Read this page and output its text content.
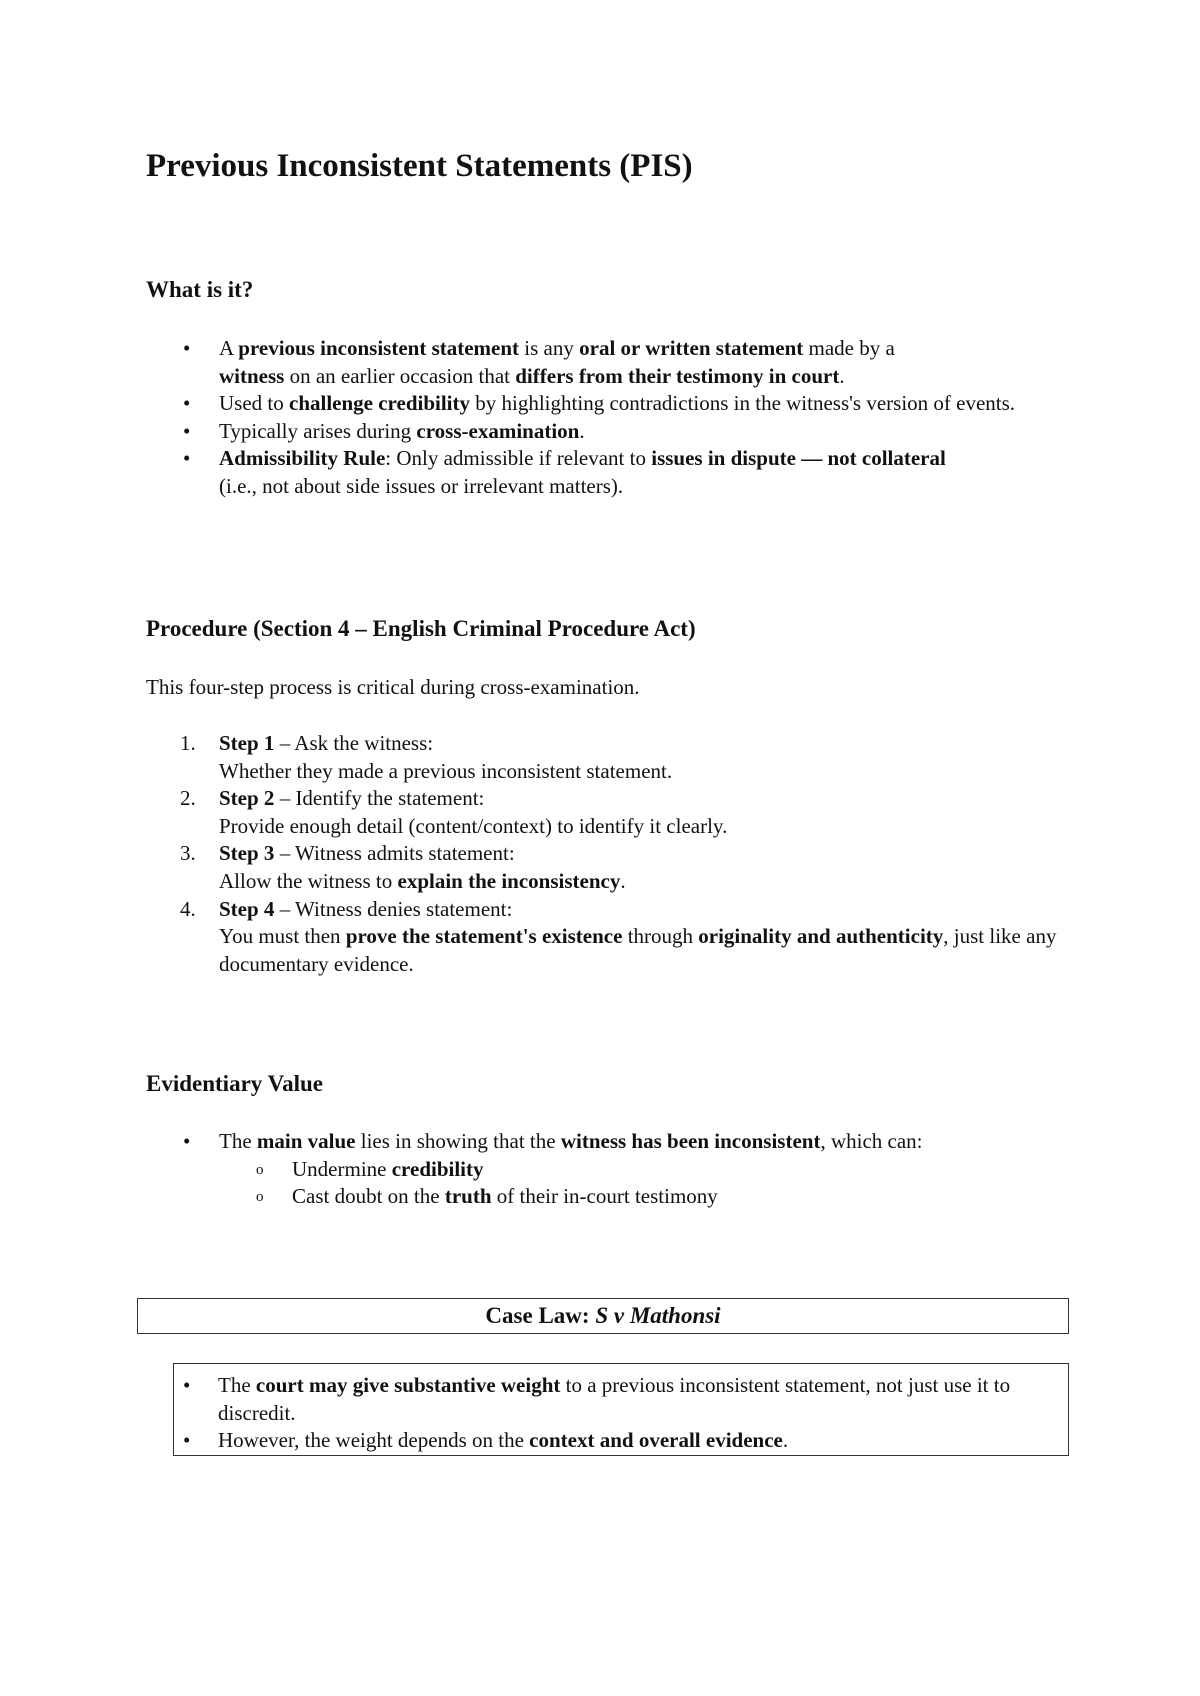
Previous Inconsistent Statements (PIS)
What is it?
• A previous inconsistent statement is any oral or written statement made by a
witness on an earlier occasion that differs from their testimony in court.
• Used to challenge credibility by highlighting contradictions in the witness's version of events.
• Typically arises during cross-examination.
• Admissibility Rule: Only admissible if relevant to issues in dispute — not collateral
(i.e., not about side issues or irrelevant matters).
Procedure (Section 4 – English Criminal Procedure Act)

This four-step process is critical during cross-examination.

1. Step 1 – Ask the witness:
Whether they made a previous inconsistent statement.
2. Step 2 – Identify the statement:
Provide enough detail (content/context) to identify it clearly.
3. Step 3 – Witness admits statement:
Allow the witness to explain the inconsistency.
4. Step 4 – Witness denies statement:
You must then prove the statement's existence through originality and authenticity, just like any documentary evidence.
Evidentiary Value
• The main value lies in showing that the witness has been inconsistent, which can:
o Undermine credibility
o Cast doubt on the truth of their in-court testimony
Case Law: S v Mathonsi
• The court may give substantive weight to a previous inconsistent statement, not just use it to discredit.
• However, the weight depends on the context and overall evidence.
